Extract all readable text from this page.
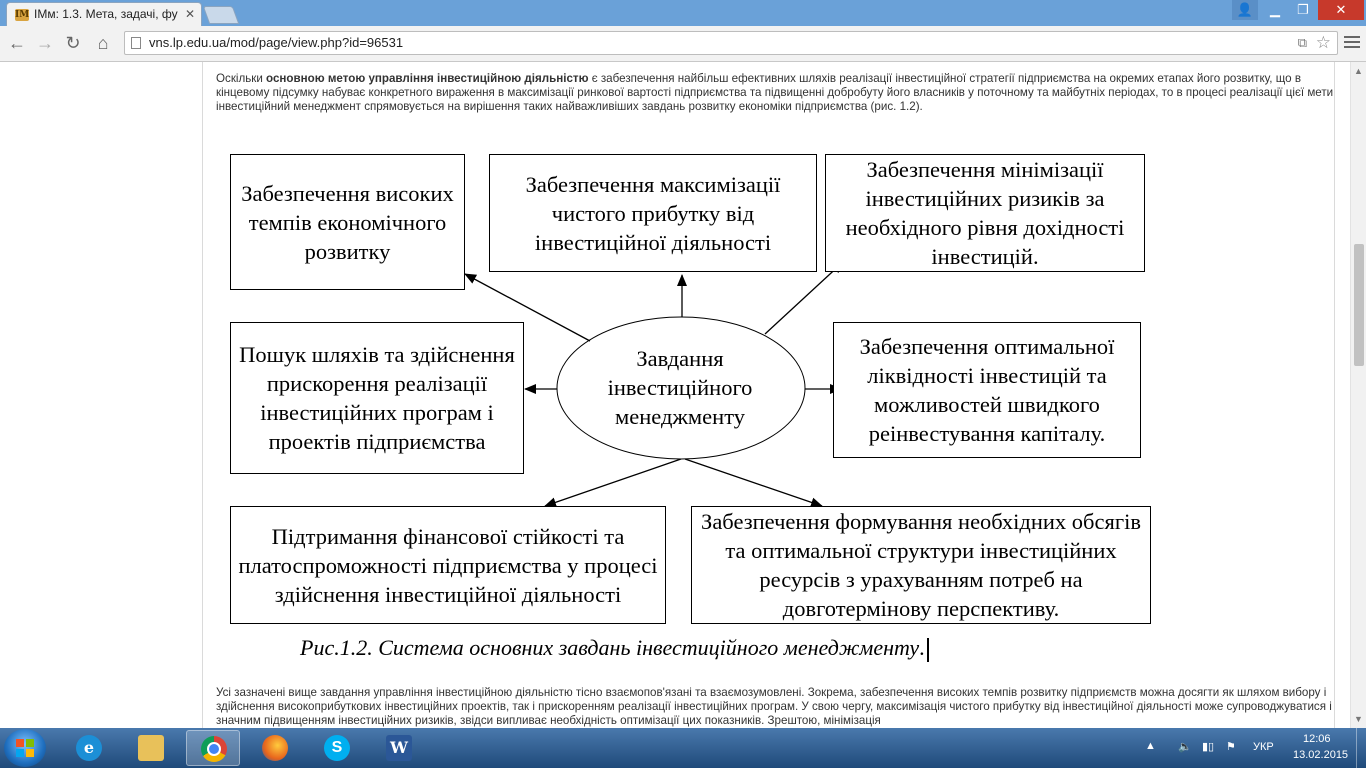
ІМ ІМм: 1.3. Мета, задачі, фу ✕	👤	▁	❐	✕
← → ↻ ⌂	vns.lp.edu.ua/mod/page/view.php?id=96531	⧉ ☆

Оскільки основною метою управління інвестиційною діяльністю є забезпечення найбільш ефективних шляхів реалізації інвестиційної стратегії підприємства на окремих етапах його розвитку, що в кінцевому підсумку набуває конкретного вираження в максимізації ринкової вартості підприємства та підвищенні добробуту його власників у поточному та майбутніх періодах, то в процесі реалізації цієї мети інвестиційний менеджмент спрямовується на вирішення таких найважливіших завдань розвитку економіки підприємства (рис. 1.2).

Забезпечення високих темпів економічного розвитку
Забезпечення максимізації чистого прибутку від інвестиційної діяльності
Забезпечення мінімізації інвестиційних ризиків за необхідного рівня дохідності інвестицій.
Пошук шляхів та здійснення прискорення реалізації інвестиційних програм і проектів підприємства
Забезпечення оптимальної ліквідності інвестицій та можливостей швидкого реінвестування капіталу.
Підтримання фінансової стійкості та платоспроможності підприємства у процесі здійснення інвестиційної діяльності
Забезпечення формування необхідних обсягів та оптимальної структури інвестиційних ресурсів з урахуванням потреб на довготермінову перспективу.
Завдання інвестиційного менеджменту
Рис.1.2. Система основних завдань інвестиційного менеджменту.

Усі зазначені вище завдання управління інвестиційною діяльністю тісно взаємопов'язані та взаємозумовлені. Зокрема, забезпечення високих темпів розвитку підприємств можна досягти як шляхом вибору і здійснення високоприбуткових інвестиційних проектів, так і прискоренням реалізації інвестиційних програм. У свою чергу, максимізація чистого прибутку від інвестиційної діяльності може супроводжуватися і значним підвищенням інвестиційних ризиків, звідси випливає необхідність оптимізації цих показників. Зрештою, мінімізація

▲
▼
e	S	W	▲ 🔈 ▮▯ ⚑ УКР
12:06
13.02.2015
